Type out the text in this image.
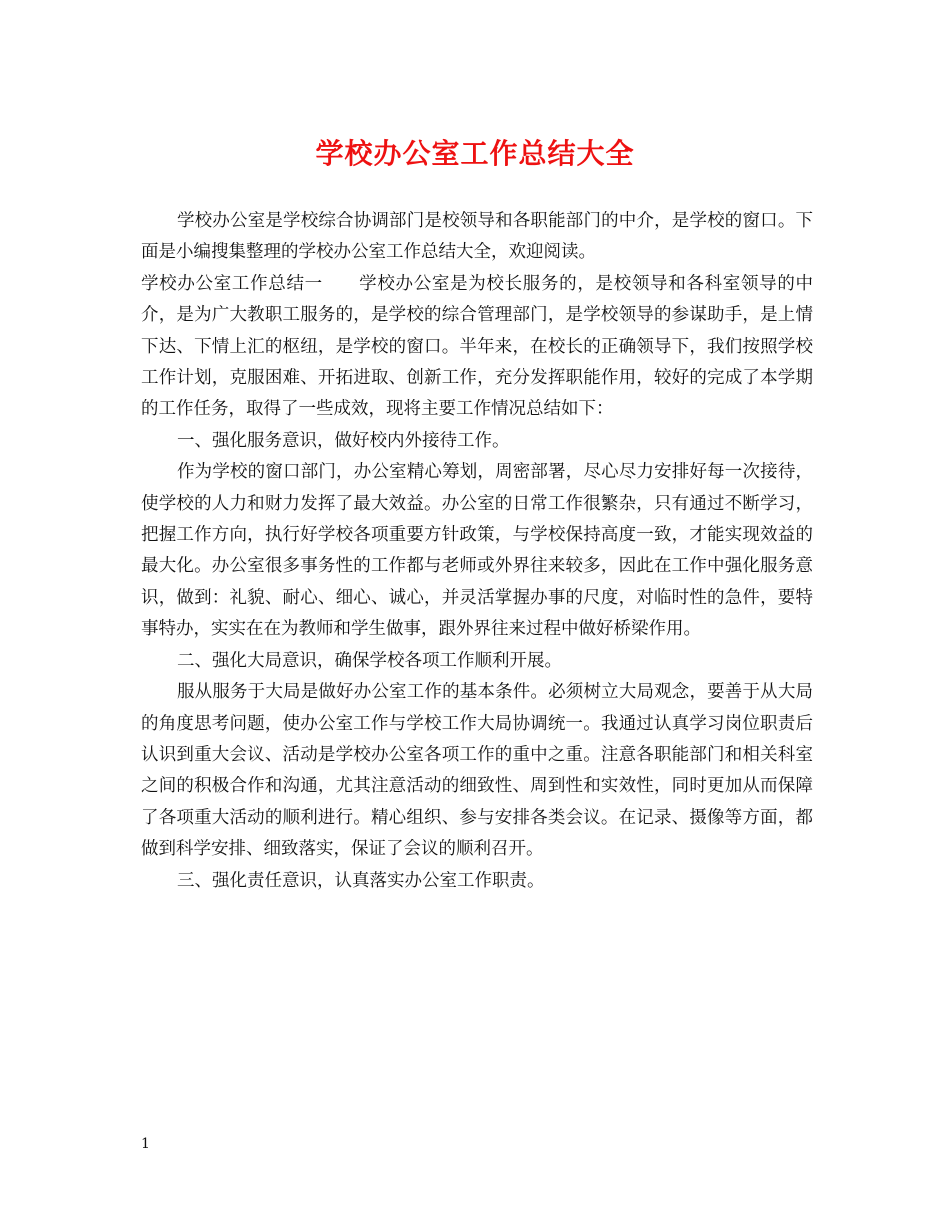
学校办公室工作总结大全

学校办公室是学校综合协调部门是校领导和各职能部门的中介，是学校的窗口。下面是小编搜集整理的学校办公室工作总结大全，欢迎阅读。

学校办公室工作总结一　　学校办公室是为校长服务的，是校领导和各科室领导的中介，是为广大教职工服务的，是学校的综合管理部门，是学校领导的参谋助手，是上情下达、下情上汇的枢纽，是学校的窗口。半年来，在校长的正确领导下，我们按照学校工作计划，克服困难、开拓进取、创新工作，充分发挥职能作用，较好的完成了本学期的工作任务，取得了一些成效，现将主要工作情况总结如下：

一、强化服务意识，做好校内外接待工作。

作为学校的窗口部门，办公室精心筹划，周密部署，尽心尽力安排好每一次接待，使学校的人力和财力发挥了最大效益。办公室的日常工作很繁杂，只有通过不断学习，把握工作方向，执行好学校各项重要方针政策，与学校保持高度一致，才能实现效益的最大化。办公室很多事务性的工作都与老师或外界往来较多，因此在工作中强化服务意识，做到：礼貌、耐心、细心、诚心，并灵活掌握办事的尺度，对临时性的急件，要特事特办，实实在在为教师和学生做事，跟外界往来过程中做好桥梁作用。

二、强化大局意识，确保学校各项工作顺利开展。

服从服务于大局是做好办公室工作的基本条件。必须树立大局观念，要善于从大局的角度思考问题，使办公室工作与学校工作大局协调统一。我通过认真学习岗位职责后认识到重大会议、活动是学校办公室各项工作的重中之重。注意各职能部门和相关科室之间的积极合作和沟通，尤其注意活动的细致性、周到性和实效性，同时更加从而保障了各项重大活动的顺利进行。精心组织、参与安排各类会议。在记录、摄像等方面，都做到科学安排、细致落实，保证了会议的顺利召开。

三、强化责任意识，认真落实办公室工作职责。

1
